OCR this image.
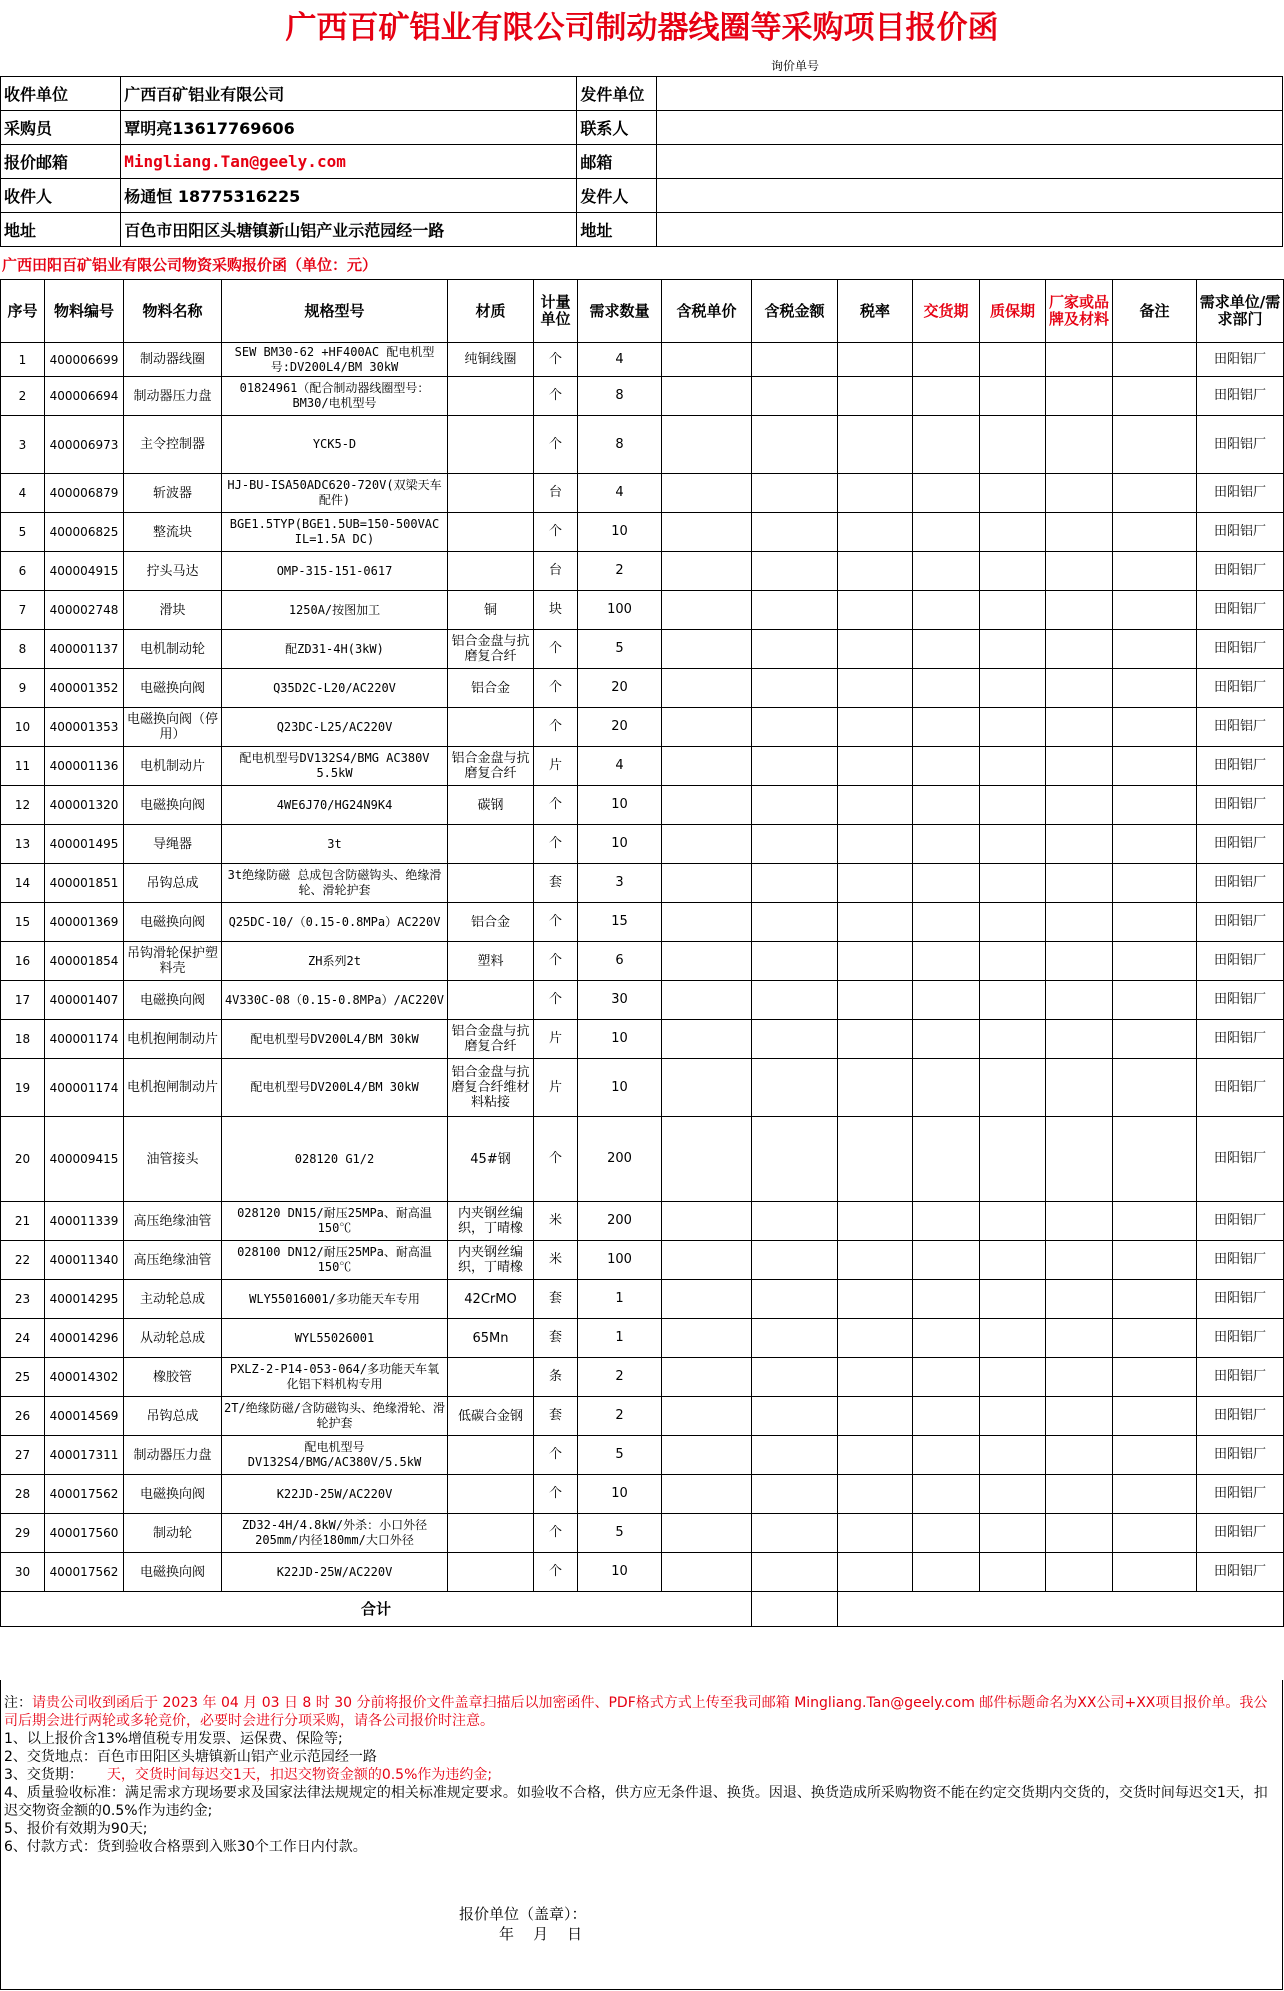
广西百矿铝业有限公司制动器线圈等采购项目报价函
询价单号
收件单位	广西百矿铝业有限公司	发件单位	
采购员	覃明亮13617769606	联系人	
报价邮箱	Mingliang.Tan@geely.com	邮箱	
收件人	杨通恒 18775316225	发件人	
地址	百色市田阳区头塘镇新山铝产业示范园经一路	地址	
广西田阳百矿铝业有限公司物资采购报价函（单位：元）
序号	物料编号	物料名称	规格型号	材质	计量单位	需求数量	含税单价	含税金额	税率	交货期	质保期	厂家或品牌及材料	备注	需求单位/需求部门
1	400006699	制动器线圈	SEW BM30-62 +HF400AC 配电机型号:DV200L4/BM 30kW	纯铜线圈	个	4								田阳铝厂
2	400006694	制动器压力盘	01824961（配合制动器线圈型号：BM30/电机型号		个	8								田阳铝厂
3	400006973	主令控制器	YCK5-D		个	8								田阳铝厂
4	400006879	斩波器	HJ-BU-ISA50ADC620-720V(双梁天车配件)		台	4								田阳铝厂
5	400006825	整流块	BGE1.5TYP(BGE1.5UB=150-500VAC IL=1.5A DC)		个	10								田阳铝厂
6	400004915	拧头马达	OMP-315-151-0617		台	2								田阳铝厂
7	400002748	滑块	1250A/按图加工	铜	块	100								田阳铝厂
8	400001137	电机制动轮	配ZD31-4H(3kW)	铝合金盘与抗磨复合纤	个	5								田阳铝厂
9	400001352	电磁换向阀	Q35D2C-L20/AC220V	铝合金	个	20								田阳铝厂
10	400001353	电磁换向阀（停用）	Q23DC-L25/AC220V		个	20								田阳铝厂
11	400001136	电机制动片	配电机型号DV132S4/BMG AC380V 5.5kW	铝合金盘与抗磨复合纤	片	4								田阳铝厂
12	400001320	电磁换向阀	4WE6J70/HG24N9K4	碳钢	个	10								田阳铝厂
13	400001495	导绳器	3t		个	10								田阳铝厂
14	400001851	吊钩总成	3t绝缘防磁 总成包含防磁钩头、绝缘滑轮、滑轮护套		套	3								田阳铝厂
15	400001369	电磁换向阀	Q25DC-10/（0.15-0.8MPa）AC220V	铝合金	个	15								田阳铝厂
16	400001854	吊钩滑轮保护塑料壳	ZH系列2t	塑料	个	6								田阳铝厂
17	400001407	电磁换向阀	4V330C-08（0.15-0.8MPa）/AC220V		个	30								田阳铝厂
18	400001174	电机抱闸制动片	配电机型号DV200L4/BM 30kW	铝合金盘与抗磨复合纤	片	10								田阳铝厂
19	400001174	电机抱闸制动片	配电机型号DV200L4/BM 30kW	铝合金盘与抗磨复合纤维材料粘接	片	10								田阳铝厂
20	400009415	油管接头	028120 G1/2	45#钢	个	200								田阳铝厂
21	400011339	高压绝缘油管	028120 DN15/耐压25MPa、耐高温150℃	内夹钢丝编织，丁晴橡	米	200								田阳铝厂
22	400011340	高压绝缘油管	028100 DN12/耐压25MPa、耐高温150℃	内夹钢丝编织，丁晴橡	米	100								田阳铝厂
23	400014295	主动轮总成	WLY55016001/多功能天车专用	42CrMO	套	1								田阳铝厂
24	400014296	从动轮总成	WYL55026001	65Mn	套	1								田阳铝厂
25	400014302	橡胶管	PXLZ-2-P14-053-064/多功能天车氧化铝下料机构专用		条	2								田阳铝厂
26	400014569	吊钩总成	2T/绝缘防磁/含防磁钩头、绝缘滑轮、滑轮护套	低碳合金钢	套	2								田阳铝厂
27	400017311	制动器压力盘	配电机型号DV132S4/BMG/AC380V/5.5kW		个	5								田阳铝厂
28	400017562	电磁换向阀	K22JD-25W/AC220V		个	10								田阳铝厂
29	400017560	制动轮	ZD32-4H/4.8kW/外杀：小口外径205mm/内径180mm/大口外径		个	5								田阳铝厂
30	400017562	电磁换向阀	K22JD-25W/AC220V		个	10								田阳铝厂
合计														

注：请贵公司收到函后于 2023 年 04 月 03 日 8 时 30 分前将报价文件盖章扫描后以加密函件、PDF格式方式上传至我司邮箱 Mingliang.Tan@geely.com 邮件标题命名为XX公司+XX项目报价单。我公司后期会进行两轮或多轮竞价，必要时会进行分项采购，请各公司报价时注意。

1、以上报价含13%增值税专用发票、运保费、保险等;

2、交货地点：百色市田阳区头塘镇新山铝产业示范园经一路

3、交货期： 天，交货时间每迟交1天，扣迟交物资金额的0.5%作为违约金;

4、质量验收标准：满足需求方现场要求及国家法律法规规定的相关标准规定要求。如验收不合格，供方应无条件退、换货。因退、换货造成所采购物资不能在约定交货期内交货的，交货时间每迟交1天，扣迟交物资金额的0.5%作为违约金;

5、报价有效期为90天;

6、付款方式：货到验收合格票到入账30个工作日内付款。

报价单位（盖章）：
年    月    日
